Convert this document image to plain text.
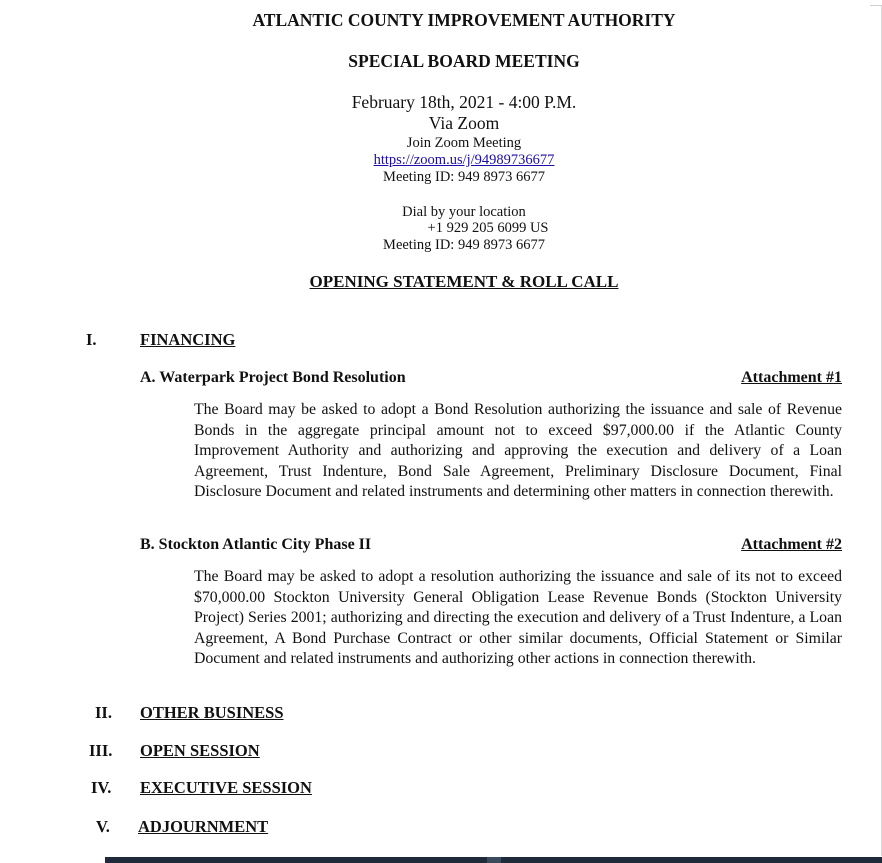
ATLANTIC COUNTY IMPROVEMENT AUTHORITY
SPECIAL BOARD MEETING
February 18th, 2021 - 4:00 P.M.
Via Zoom
Join Zoom Meeting
https://zoom.us/j/94989736677
Meeting ID: 949 8973 6677
Dial by your location
+1 929 205 6099 US
Meeting ID: 949 8973 6677
OPENING STATEMENT & ROLL CALL
I.	FINANCING
A. Waterpark Project Bond Resolution	Attachment #1
The Board may be asked to adopt a Bond Resolution authorizing the issuance and sale of Revenue Bonds in the aggregate principal amount not to exceed $97,000.00 if the Atlantic County Improvement Authority and authorizing and approving the execution and delivery of a Loan Agreement, Trust Indenture, Bond Sale Agreement, Preliminary Disclosure Document, Final Disclosure Document and related instruments and determining other matters in connection therewith.
B. Stockton Atlantic City Phase II	Attachment #2
The Board may be asked to adopt a resolution authorizing the issuance and sale of its not to exceed $70,000.00 Stockton University General Obligation Lease Revenue Bonds (Stockton University Project) Series 2001; authorizing and directing the execution and delivery of a Trust Indenture, a Loan Agreement, A Bond Purchase Contract or other similar documents, Official Statement or Similar Document and related instruments and authorizing other actions in connection therewith.
II. OTHER BUSINESS
III. OPEN SESSION
IV. EXECUTIVE SESSION
V. ADJOURNMENT
